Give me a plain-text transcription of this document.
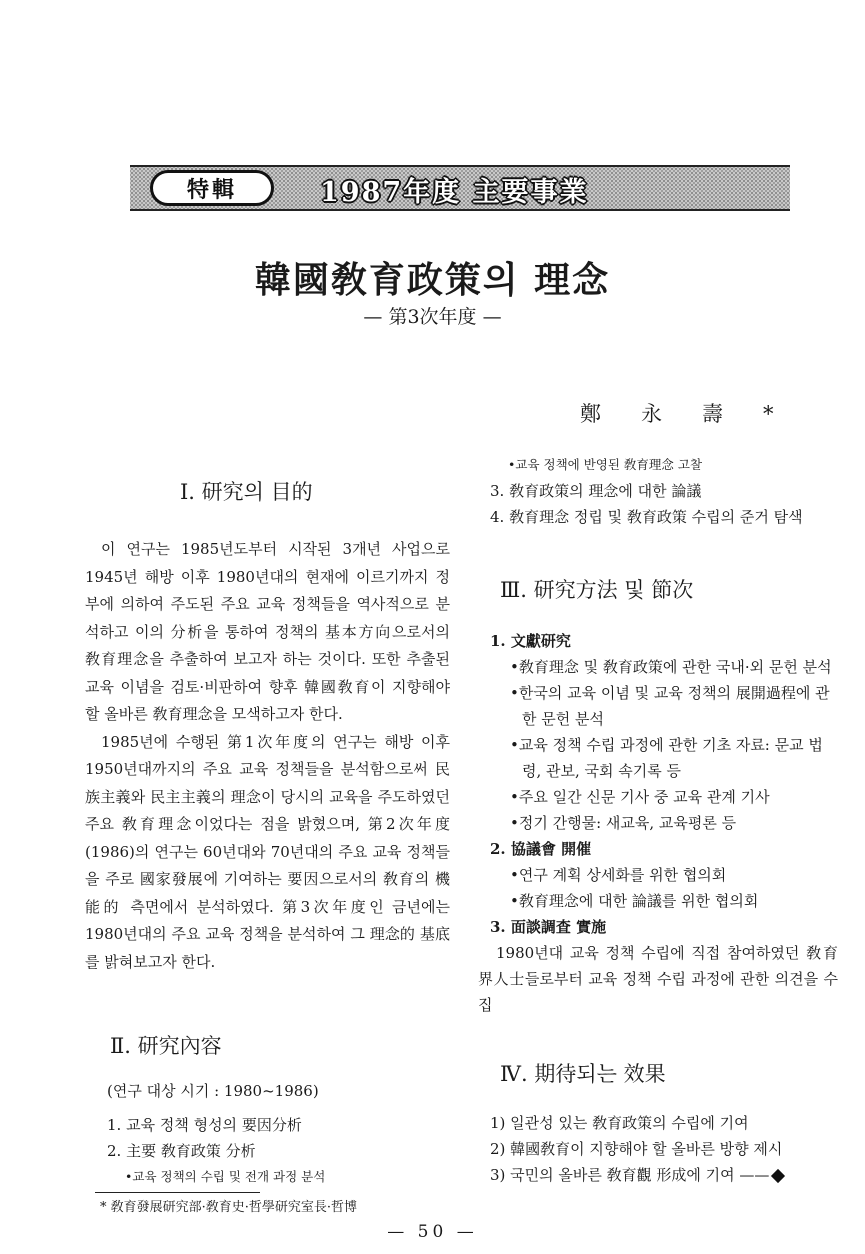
特輯	1987年度 主要事業
韓國敎育政策의 理念
— 第3次年度 —
鄭永壽*
Ⅰ. 研究의 目的

이 연구는 1985년도부터 시작된 3개년 사업으로 1945년 해방 이후 1980년대의 현재에 이르기까지 정부에 의하여 주도된 주요 교육 정책들을 역사적으로 분석하고 이의 分析을 통하여 정책의 基本方向으로서의 敎育理念을 추출하여 보고자 하는 것이다. 또한 추출된 교육 이념을 검토·비판하여 향후 韓國敎育이 지향해야 할 올바른 敎育理念을 모색하고자 한다.

1985년에 수행된 第1次年度의 연구는 해방 이후 1950년대까지의 주요 교육 정책들을 분석함으로써 民族主義와 民主主義의 理念이 당시의 교육을 주도하였던 주요 敎育理念이었다는 점을 밝혔으며, 第2次年度(1986)의 연구는 60년대와 70년대의 주요 교육 정책들을 주로 國家發展에 기여하는 要因으로서의 敎育의 機能的 측면에서 분석하였다. 第3次年度인 금년에는 1980년대의 주요 교육 정책을 분석하여 그 理念的 基底를 밝혀보고자 한다.

Ⅱ. 研究內容
(연구 대상 시기 : 1980~1986)
1. 교육 정책 형성의 要因分析
2. 主要 敎育政策 分析
•교육 정책의 수립 및 전개 과정 분석
•교육 정책에 반영된 敎育理念 고찰
3. 敎育政策의 理念에 대한 論議
4. 敎育理念 정립 및 敎育政策 수립의 준거 탐색
Ⅲ. 研究方法 및 節次
1. 文獻研究
•敎育理念 및 敎育政策에 관한 국내·외 문헌 분석
•한국의 교육 이념 및 교육 정책의 展開過程에 관한 문헌 분석
•교육 정책 수립 과정에 관한 기초 자료: 문교 법령, 관보, 국회 속기록 등
•주요 일간 신문 기사 중 교육 관계 기사
•정기 간행물: 새교육, 교육평론 등
2. 協議會 開催
•연구 계획 상세화를 위한 협의회
•敎育理念에 대한 論議를 위한 협의회
3. 面談調査 實施

1980년대 교육 정책 수립에 직접 참여하였던 敎育界人士들로부터 교육 정책 수립 과정에 관한 의견을 수집

Ⅳ. 期待되는 效果
1) 일관성 있는 敎育政策의 수립에 기여
2) 韓國敎育이 지향해야 할 올바른 방향 제시
3) 국민의 올바른 敎育觀 形成에 기여 ——
* 敎育發展研究部·敎育史·哲學研究室長·哲博
— 50 —
